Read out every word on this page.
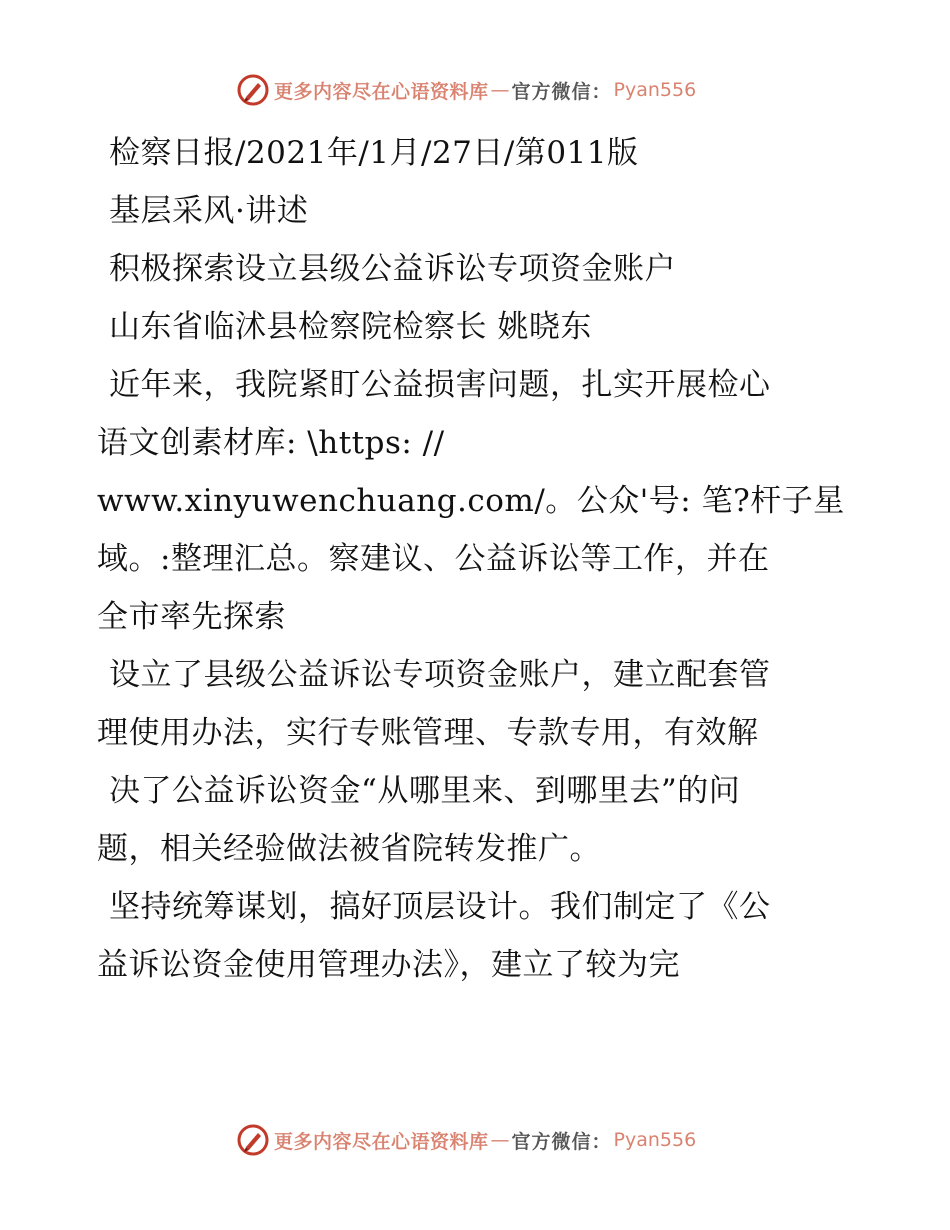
更多内容尽在心语资料库 — 官方微信： Pyan556

检察日报/2021年/1月/27日/第011版
基层采风·讲述
积极探索设立县级公益诉讼专项资金账户
山东省临沭县检察院检察长 姚晓东
近年来，我院紧盯公益损害问题，扎实开展检心
语文创素材库: \https: //
www.xinyuwenchuang.com/。公众'号: 笔?杆子星
域。:整理汇总。察建议、公益诉讼等工作，并在
全市率先探索
设立了县级公益诉讼专项资金账户，建立配套管
理使用办法，实行专账管理、专款专用，有效解
决了公益诉讼资金“从哪里来、到哪里去”的问
题，相关经验做法被省院转发推广。
坚持统筹谋划，搞好顶层设计。我们制定了《公
益诉讼资金使用管理办法》，建立了较为完

更多内容尽在心语资料库 — 官方微信： Pyan556
